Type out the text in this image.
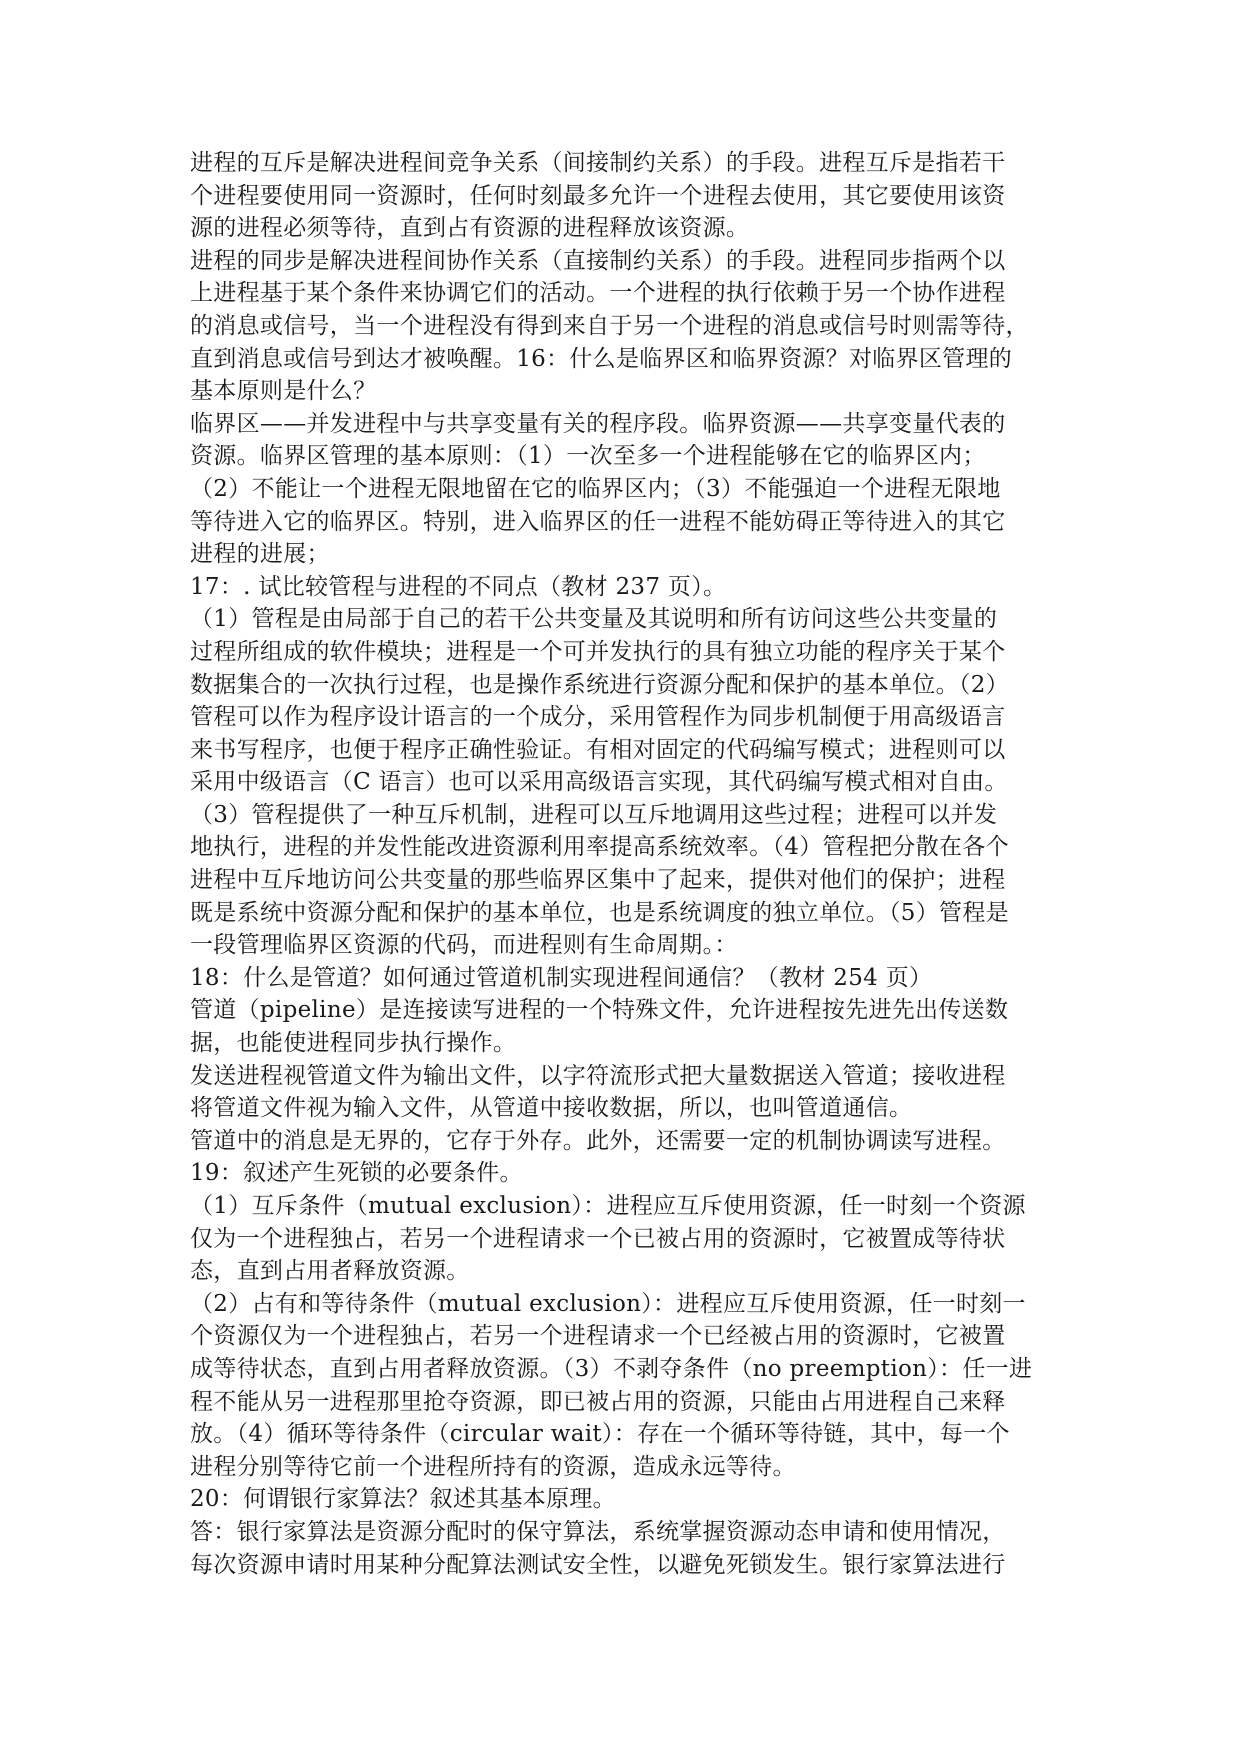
进程的互斥是解决进程间竞争关系（间接制约关系）的手段。进程互斥是指若干
个进程要使用同一资源时，任何时刻最多允许一个进程去使用，其它要使用该资
源的进程必须等待，直到占有资源的进程释放该资源。
进程的同步是解决进程间协作关系（直接制约关系）的手段。进程同步指两个以
上进程基于某个条件来协调它们的活动。一个进程的执行依赖于另一个协作进程
的消息或信号，当一个进程没有得到来自于另一个进程的消息或信号时则需等待，
直到消息或信号到达才被唤醒。16：什么是临界区和临界资源？对临界区管理的
基本原则是什么？
临界区——并发进程中与共享变量有关的程序段。临界资源——共享变量代表的
资源。临界区管理的基本原则：（1）一次至多一个进程能够在它的临界区内；
（2）不能让一个进程无限地留在它的临界区内；（3）不能强迫一个进程无限地
等待进入它的临界区。特别，进入临界区的任一进程不能妨碍正等待进入的其它
进程的进展；
17：. 试比较管程与进程的不同点（教材 237 页）。
（1）管程是由局部于自己的若干公共变量及其说明和所有访问这些公共变量的
过程所组成的软件模块；进程是一个可并发执行的具有独立功能的程序关于某个
数据集合的一次执行过程，也是操作系统进行资源分配和保护的基本单位。（2）
管程可以作为程序设计语言的一个成分，采用管程作为同步机制便于用高级语言
来书写程序，也便于程序正确性验证。有相对固定的代码编写模式；进程则可以
采用中级语言（C 语言）也可以采用高级语言实现，其代码编写模式相对自由。
（3）管程提供了一种互斥机制，进程可以互斥地调用这些过程；进程可以并发
地执行，进程的并发性能改进资源利用率提高系统效率。（4）管程把分散在各个
进程中互斥地访问公共变量的那些临界区集中了起来，提供对他们的保护；进程
既是系统中资源分配和保护的基本单位，也是系统调度的独立单位。（5）管程是
一段管理临界区资源的代码，而进程则有生命周期。：
18：什么是管道？如何通过管道机制实现进程间通信？（教材 254 页）
管道（pipeline）是连接读写进程的一个特殊文件，允许进程按先进先出传送数
据，也能使进程同步执行操作。
发送进程视管道文件为输出文件，以字符流形式把大量数据送入管道；接收进程
将管道文件视为输入文件，从管道中接收数据，所以，也叫管道通信。
管道中的消息是无界的，它存于外存。此外，还需要一定的机制协调读写进程。
19：叙述产生死锁的必要条件。
（1）互斥条件（mutual exclusion）：进程应互斥使用资源，任一时刻一个资源
仅为一个进程独占，若另一个进程请求一个已被占用的资源时，它被置成等待状
态，直到占用者释放资源。
（2）占有和等待条件（mutual exclusion）：进程应互斥使用资源，任一时刻一
个资源仅为一个进程独占，若另一个进程请求一个已经被占用的资源时，它被置
成等待状态，直到占用者释放资源。（3）不剥夺条件（no preemption）：任一进
程不能从另一进程那里抢夺资源，即已被占用的资源，只能由占用进程自己来释
放。（4）循环等待条件（circular wait）：存在一个循环等待链，其中，每一个
进程分别等待它前一个进程所持有的资源，造成永远等待。
20：何谓银行家算法？叙述其基本原理。
答：银行家算法是资源分配时的保守算法，系统掌握资源动态申请和使用情况，
每次资源申请时用某种分配算法测试安全性，以避免死锁发生。银行家算法进行
